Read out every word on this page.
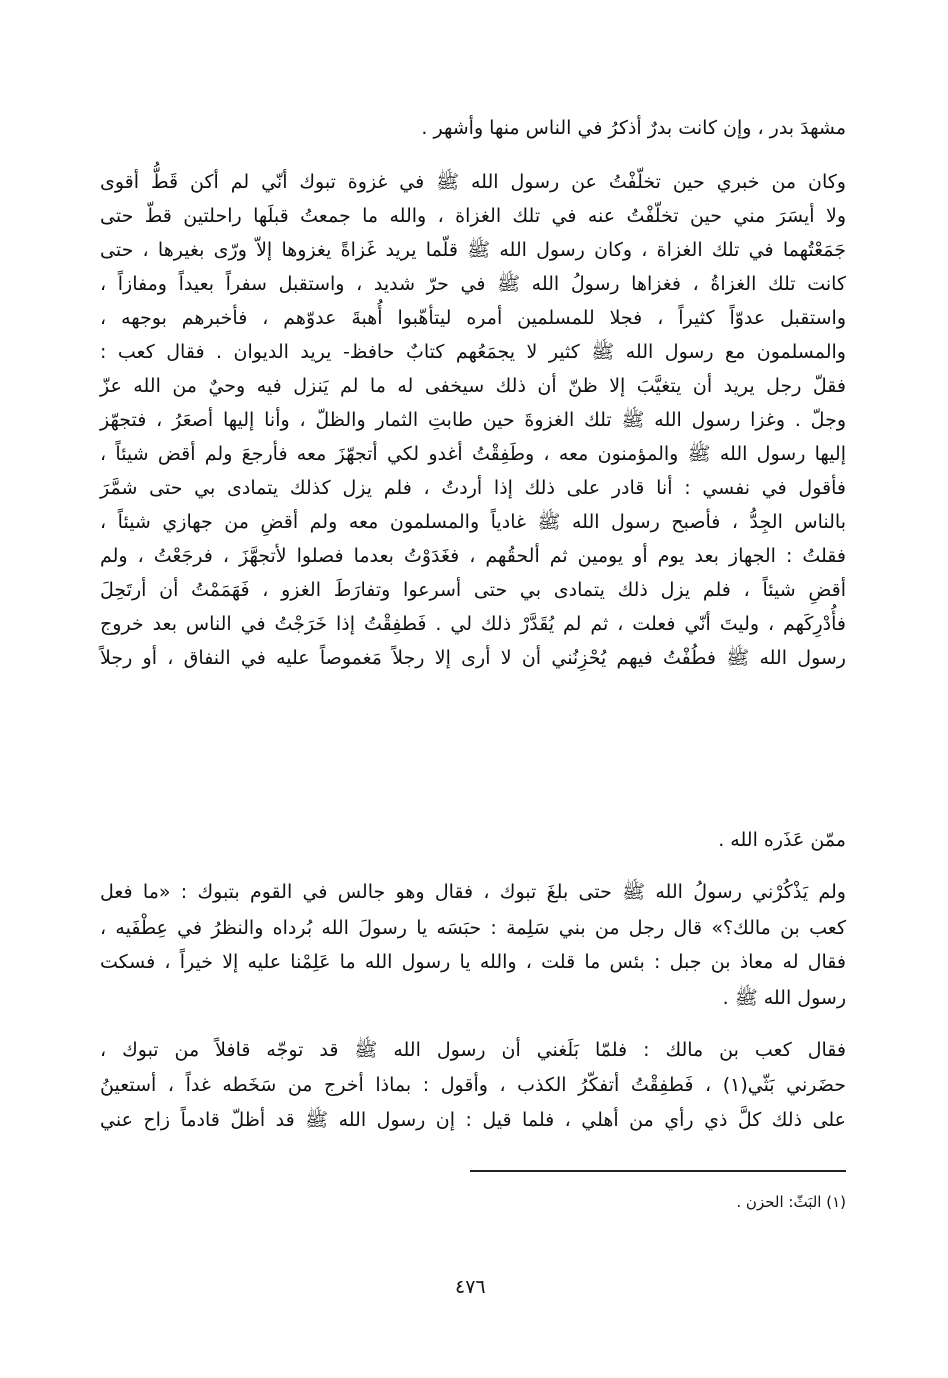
مشهدَ بدر ، وإن كانت بدرٌ أذكرُ في الناس منها وأشهر .
وكان من خبري حين تخلّفْتُ عن رسول الله ﷺ في غزوة تبوك أنّي لم أكن قَطُّ أقوى
ولا أيسَرَ مني حين تخلّفْتُ عنه في تلك الغزاة ، والله ما جمعتُ قبلَها راحلتين قطّ حتى
جَمَعْتُهما في تلك الغزاة ، وكان رسول الله ﷺ قلّما يريد غَزاةً يغزوها إلاّ ورّى بغيرها ، حتى
كانت تلك الغزاةُ ، فغزاها رسولُ الله ﷺ في حرّ شديد ، واستقبل سفراً بعيداً ومفازاً ،
واستقبل عدوّاً كثيراً ، فجلا للمسلمين أمره ليتأهّبوا أُهبةَ عدوّهم ، فأخبرهم بوجهه ،
والمسلمون مع رسول الله ﷺ كثير لا يجمَعُهم كتابٌ حافظ- يريد الديوان . فقال كعب :
فقلّ رجل يريد أن يتغيَّبَ إلا ظنّ أن ذلك سيخفى له ما لم يَنزل فيه وحيٌ من الله عزّ
وجلّ . وغزا رسول الله ﷺ تلك الغزوةَ حين طابتِ الثمار والظلّ ، وأنا إليها أصعَرُ ، فتجهّز
إليها رسول الله ﷺ والمؤمنون معه ، وطَفِقْتُ أغدو لكي أتجهّزَ معه فأرجعَ ولم أقض شيئاً ،
فأقول في نفسي : أنا قادر على ذلك إذا أردتُ ، فلم يزل كذلك يتمادى بي حتى شمَّرَ
بالناس الجِدُّ ، فأصبح رسول الله ﷺ غادياً والمسلمون معه ولم أقضِ من جهازي شيئاً ،
فقلتُ : الجهاز بعد يوم أو يومين ثم ألحقُهم ، فغَدَوْتُ بعدما فصلوا لأتجهَّزَ ، فرجَعْتُ ، ولم
أقضِ شيئاً ، فلم يزل ذلك يتمادى بي حتى أسرعوا وتفارَطَ الغزو ، فَهَمَمْتُ أن أرتَحِلَ
فأُدْرِكَهم ، وليتَ أنّي فعلت ، ثم لم يُقَدَّرْ ذلك لي . فَطفِقْتُ إذا خَرَجْتُ في الناس بعد خروج
رسول الله ﷺ فطُفْتُ فيهم يُحْزِنُني أن لا أرى إلا رجلاً مَغموصاً عليه في النفاق ، أو رجلاً
ممّن عَذَره الله .
ولم يَذْكُرْني رسولُ الله ﷺ حتى بلغَ تبوك ، فقال وهو جالس في القوم بتبوك : «ما فعل
كعب بن مالك؟» قال رجل من بني سَلِمة : حبَسَه يا رسولَ الله بُرداه والنظرُ في عِطْفَيه ،
فقال له معاذ بن جبل : بئس ما قلت ، والله يا رسول الله ما عَلِمْنا عليه إلا خيراً ، فسكت
رسول الله ﷺ .
فقال كعب بن مالك : فلمّا بَلَغني أن رسول الله ﷺ قد توجّه قافلاً من تبوك ،
حضَرني بَثّي(١) ، فَطفِقْتُ أتفكّرُ الكذب ، وأقول : بماذا أخرج من سَخَطه غداً ، أستعينُ
على ذلك كلَّ ذي رأي من أهلي ، فلما قيل : إن رسول الله ﷺ قد أظلّ قادماً زاح عني
(١) البَثّ: الحزن .
٤٧٦
